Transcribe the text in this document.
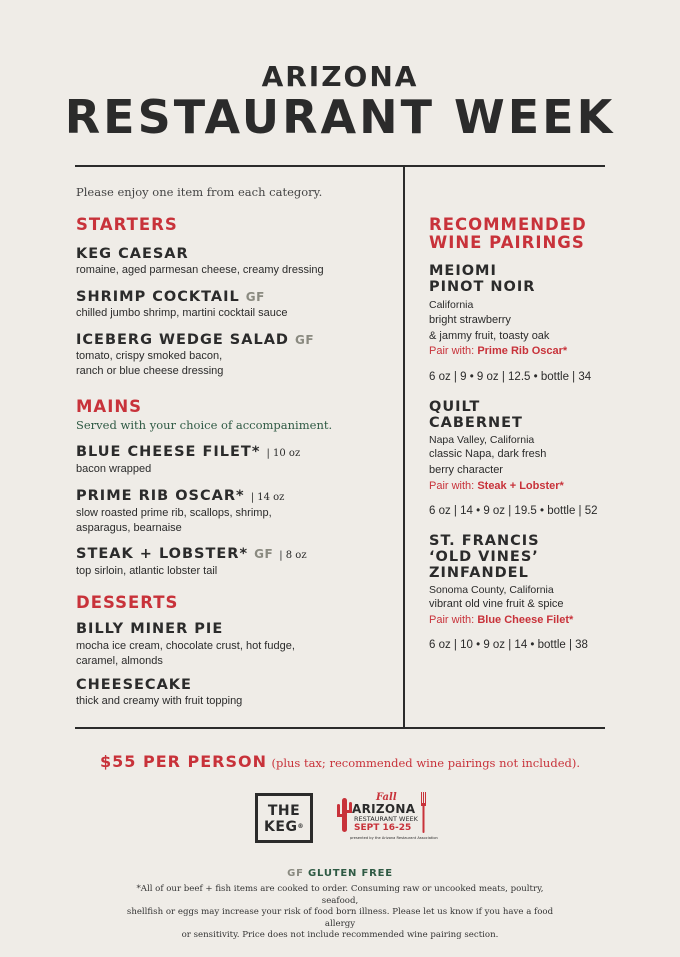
ARIZONA
RESTAURANT WEEK
Please enjoy one item from each category.
STARTERS
KEG CAESAR
romaine, aged parmesan cheese, creamy dressing
SHRIMP COCKTAIL GF
chilled jumbo shrimp, martini cocktail sauce
ICEBERG WEDGE SALAD GF
tomato, crispy smoked bacon,
ranch or blue cheese dressing
MAINS
Served with your choice of accompaniment.
BLUE CHEESE FILET* | 10 oz
bacon wrapped
PRIME RIB OSCAR* | 14 oz
slow roasted prime rib, scallops, shrimp,
asparagus, bearnaise
STEAK + LOBSTER* GF | 8 oz
top sirloin, atlantic lobster tail
DESSERTS
BILLY MINER PIE
mocha ice cream, chocolate crust, hot fudge,
caramel, almonds
CHEESECAKE
thick and creamy with fruit topping
RECOMMENDED
WINE PAIRINGS
MEIOMI
PINOT NOIR
California
bright strawberry
& jammy fruit, toasty oak
Pair with: Prime Rib Oscar*
6 oz | 9 • 9 oz | 12.5 • bottle | 34
QUILT
CABERNET
Napa Valley, California
classic Napa, dark fresh
berry character
Pair with: Steak + Lobster*
6 oz | 14 • 9 oz | 19.5 • bottle | 52
ST. FRANCIS
‘OLD VINES’
ZINFANDEL
Sonoma County, California
vibrant old vine fruit & spice
Pair with: Blue Cheese Filet*
6 oz | 10 • 9 oz | 14 • bottle | 38
$55 PER PERSON (plus tax; recommended wine pairings not included).
THE
KEG®
Fall
ARIZONA
RESTAURANT WEEK
SEPT 16-25
presented by the Arizona Restaurant Association
GF GLUTEN FREE
*All of our beef + fish items are cooked to order. Consuming raw or uncooked meats, poultry, seafood,
shellfish or eggs may increase your risk of food born illness. Please let us know if you have a food allergy
or sensitivity. Price does not include recommended wine pairing section.
